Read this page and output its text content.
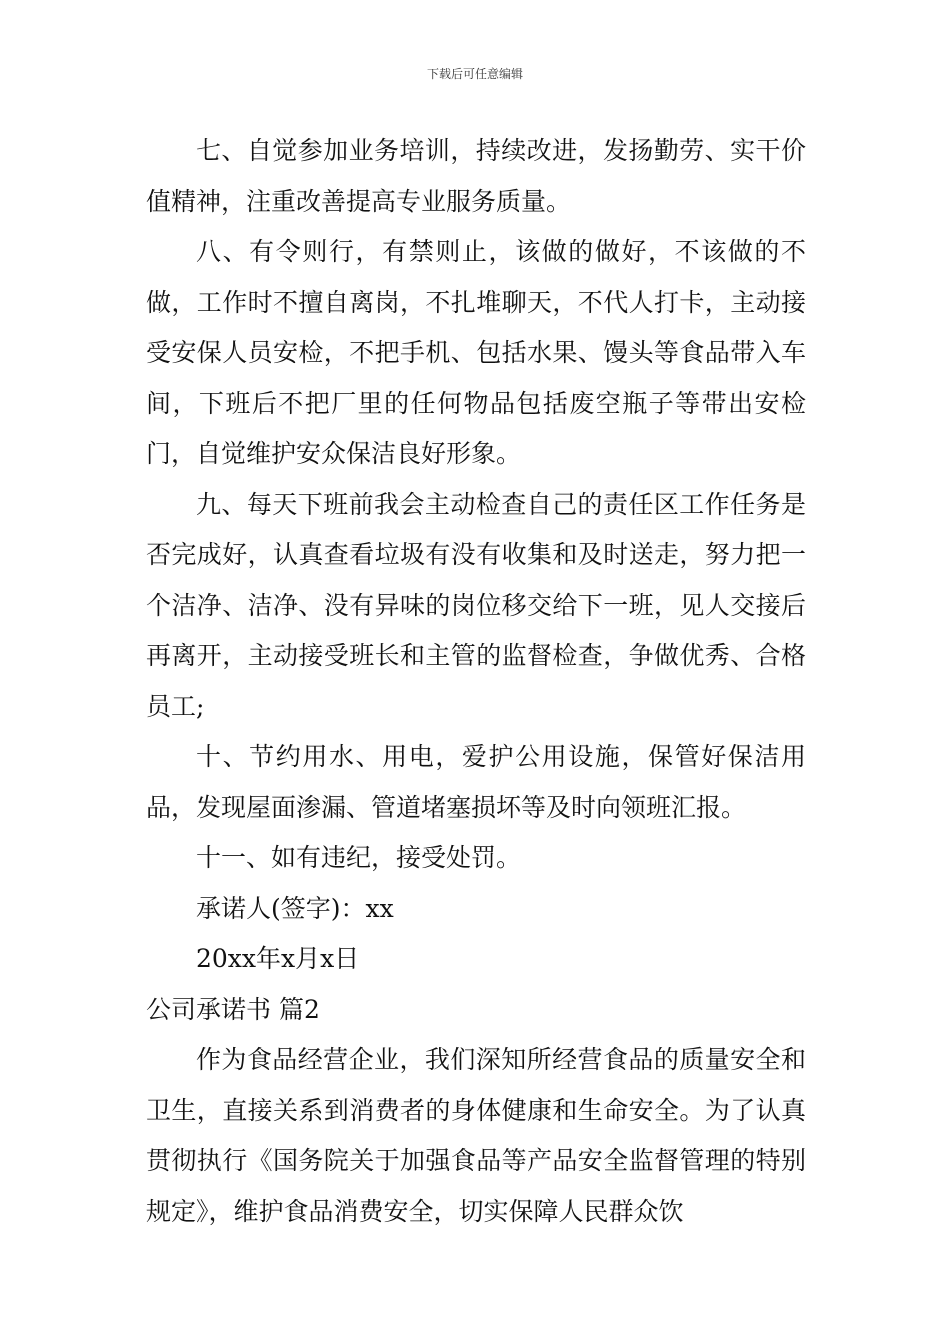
下载后可任意编辑

七、自觉参加业务培训，持续改进，发扬勤劳、实干价值精神，注重改善提高专业服务质量。

八、有令则行，有禁则止，该做的做好，不该做的不做，工作时不擅自离岗，不扎堆聊天，不代人打卡，主动接受安保人员安检，不把手机、包括水果、馒头等食品带入车间，下班后不把厂里的任何物品包括废空瓶子等带出安检门，自觉维护安众保洁良好形象。

九、每天下班前我会主动检查自己的责任区工作任务是否完成好，认真查看垃圾有没有收集和及时送走，努力把一个洁净、洁净、没有异味的岗位移交给下一班，见人交接后再离开，主动接受班长和主管的监督检查，争做优秀、合格员工;

十、节约用水、用电，爱护公用设施，保管好保洁用品，发现屋面渗漏、管道堵塞损坏等及时向领班汇报。

十一、如有违纪，接受处罚。

承诺人(签字)：xx

20xx年x月x日

公司承诺书 篇2

作为食品经营企业，我们深知所经营食品的质量安全和卫生，直接关系到消费者的身体健康和生命安全。为了认真贯彻执行《国务院关于加强食品等产品安全监督管理的特别规定》，维护食品消费安全，切实保障人民群众饮
